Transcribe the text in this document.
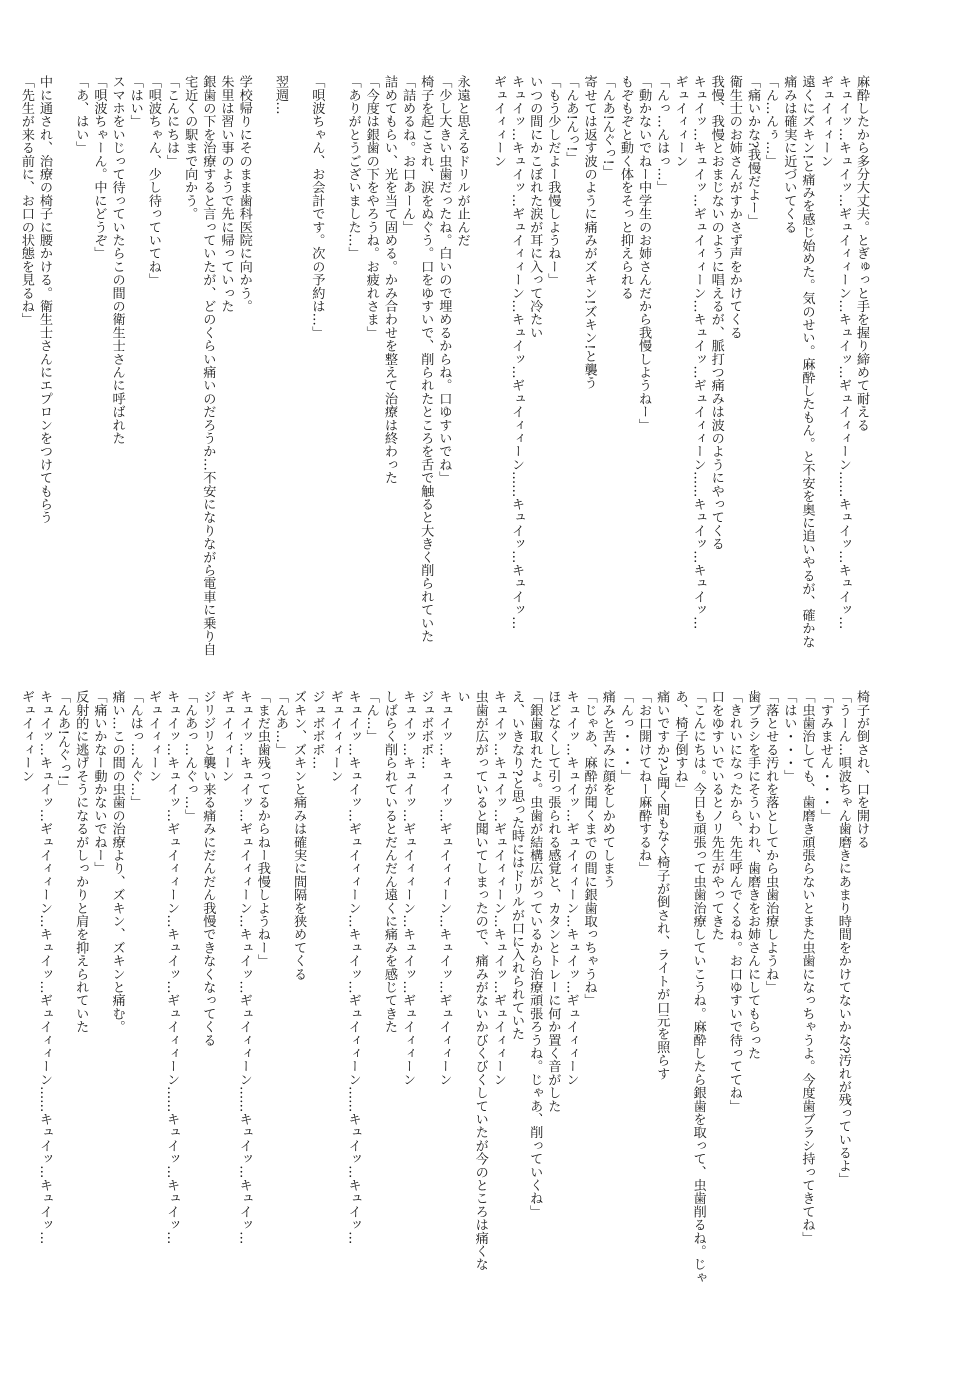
麻酔したから多分大丈夫。とぎゅっと手を握り締めて耐える
キュイッ…キュイッ…ギュイィィーン…キュイッ…ギュイィィーン……キュイッ…キュイッ…
ギュイィィーン
遠くにズキン!と痛みを感じ始めた。気のせい。麻酔したもん。と不安を奥に追いやるが、確かな
痛みは確実に近づいてくる
「ん…んぅ…」
「痛いかな?我慢だよー」
衛生士のお姉さんがすかさず声をかけてくる
我慢、我慢とおまじないのように唱えるが、脈打つ痛みは波のようにやってくる
キュイッ…キュイッ…ギュイィィーン…キュイッ…ギュイィィーン……キュイッ…キュイッ…
ギュイィィーン
「んっ…んはっ…」
「動かないでねー中学生のお姉さんだから我慢しようねー」
もぞもぞと動く体をそっと抑えられる
「んあ!んぐっ!」
寄せては返す波のように痛みがズキン!ズキン!と襲う
「んあ!んっ!」
「もう少しだよー我慢しようねー」
いつの間にかこぼれた涙が耳に入って冷たい
キュイッ…キュイッ…ギュイィィーン…キュイッ…ギュイィィーン……キュイッ…キュイッ…
ギュイィィーン

永遠と思えるドリルが止んだ
「少し大きい虫歯だったね。白いので埋めるからね。口ゆすいでね」
椅子を起こされ、涙をぬぐう。口をゆすいで、削られたところを舌で触ると大きく削られていた
「詰めるね。お口あーん」
詰めてもらい、光を当て固める。かみ合わせを整えて治療は終わった
「今度は銀歯の下をやろうね。お疲れさま」
「ありがとうございました…」

「唄波ちゃん、お会計です。次の予約は…」

翌週…

学校帰りにそのまま歯科医院に向かう。
朱里は習い事のようで先に帰っていった
銀歯の下を治療すると言っていたが、どのくらい痛いのだろうか…不安になりながら電車に乗り自
宅近くの駅まで向かう。
「こんにちは」
「唄波ちゃん、少し待っていてね」
「はい」
スマホをいじって待っていたらこの間の衛生士さんに呼ばれた
「唄波ちゃーん。中にどうぞ」
「あ、はい」

中に通され、治療の椅子に腰かける。衛生士さんにエプロンをつけてもらう
「先生が来る前に、お口の状態を見るね」
椅子が倒され、口を開ける
「うーん…唄波ちゃん歯磨きにあまり時間をかけてないかな?汚れが残っているよ」
「すみません・・・」
「虫歯治しても、歯磨き頑張らないとまた虫歯になっちゃうよ。今度歯ブラシ持ってきてね」
「はい・・・」
「落とせる汚れを落としてから虫歯治療しようね」
歯ブラシを手にそういわれ、歯磨きをお姉さんにしてもらった
「きれいになったから、先生呼んでくるね。お口ゆすいで待っててね」
口をゆすいでいるとノリ先生がやってきた
「こんにちは。今日も頑張って虫歯治療していこうね。麻酔したら銀歯を取って、虫歯削るね。じゃ
あ、椅子倒すね」
痛いですか?と聞く間もなく椅子が倒され、ライトが口元を照らす
「お口開けてねー麻酔するね」
「んっ・・・」
痛みと苦みに顔をしかめてしまう
「じゃあ、麻酔が聞くまでの間に銀歯取っちゃうね」
キュイッ…キュイッ…ギュイィィーン…キュイッ…ギュイィィーン
ほどなくして引っ張られる感覚と、カタンとトレーに何か置く音がした
「銀歯取れたよ。虫歯が結構広がっているから治療頑張ろうね。じゃあ、削っていくね」
え、いきなり?と思った時にはドリルが口に入れられていた
キュイッ…キュイッ…ギュイィィーン…キュイッ…ギュイィィーン
虫歯が広がっていると聞いてしまったので、痛みがないかびくびくしていたが今のところは痛くな
い
キュイッ…キュイッ…ギュイィィーン…キュイッ…ギュイィィーン
ジュボボボ…
キュイッ…キュイッ…ギュイィィーン…キュイッ…ギュイィィーン
しばらく削られているとだんだん遠くに痛みを感じてきた
「ん…」
キュイッ…キュイッ…ギュイィィーン…キュイッ…ギュイィィーン……キュイッ…キュイッ…
ギュイィィーン
ジュボボボ…
ズキン、ズキンと痛みは確実に間隔を狭めてくる
「んあ…」
「まだ虫歯残ってるからねー我慢しようねー」
キュイッ…キュイッ…ギュイィィーン…キュイッ…ギュイィィーン……キュイッ…キュイッ…
ギュイィィーン
ジリジリと襲い来る痛みにだんだん我慢できなくなってくる
「んあっ…んぐっ…」
キュイッ…キュイッ…ギュイィィーン…キュイッ…ギュイィィーン……キュイッ…キュイッ…
ギュイィィーン
「んはっ…んぐ…」
痛い…この間の虫歯の治療より、ズキン、ズキンと痛む。
「痛いかなー動かないでねー」
反射的に逃げそうになるがしっかりと肩を抑えられていた
「んあ!んぐっ!」
キュイッ…キュイッ…ギュイィィーン…キュイッ…ギュイィィーン……キュイッ…キュイッ…
ギュイィィーン
